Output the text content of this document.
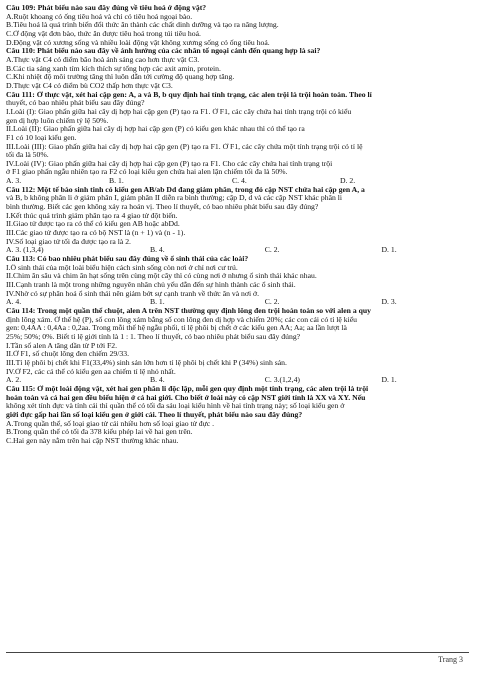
Câu 109: Phát biểu nào sau đây đúng về tiêu hoá ở động vật?
A.Ruột khoang có ống tiêu hoá và chỉ có tiêu hoá ngoại bào.
B.Tiêu hoá là quá trình biến đổi thức ăn thành các chất dinh dưỡng và tạo ra năng lượng.
C.Ở động vật đơn bào, thức ăn được tiêu hoá trong túi tiêu hoá.
D.Động vật có xương sống và nhiều loài động vật không xương sống có ống tiêu hoá.
Câu 110: Phát biểu nào sau đây về ảnh hưởng của các nhân tố ngoại cảnh đến quang hợp là sai?
A.Thực vật C4 có điểm bão hoà ánh sáng cao hơn thực vật C3.
B.Các tia sáng xanh tím kích thích sự tổng hợp các axit amin, protein.
C.Khi nhiệt độ môi trường tăng thì luôn dẫn tới cường độ quang hợp tăng.
D.Thực vật C4 có điểm bù CO2 thấp hơn thực vật C3.
Câu 111: Ở thực vật, xét hai cặp gen: A, a và B, b quy định hai tính trạng, các alen trội là trội hoàn toàn. Theo lí
thuyết, có bao nhiêu phát biểu sau đây đúng?
I.Loài (I): Giao phấn giữa hai cây dị hợp hai cặp gen (P) tạo ra F1. Ở F1, các cây chứa hai tính trạng trội có kiểu
gen dị hợp luôn chiếm tỷ lệ 50%.
II.Loài (II): Giao phấn giữa hai cây dị hợp hai cặp gen (P) có kiểu gen khác nhau thì có thể tạo ra
F1 có 10 loại kiểu gen.
III.Loài (III): Giao phấn giữa hai cây dị hợp hai cặp gen (P) tạo ra F1. Ở F1, các cây chứa một tính trạng trội có tỉ lệ
tối đa là 50%.
IV.Loài (IV): Giao phấn giữa hai cây dị hợp hai cặp gen (P) tạo ra F1. Cho các cây chứa hai tính trạng trội
ở F1 giao phấn ngẫu nhiên tạo ra F2 có loại kiểu gen chứa hai alen lặn chiếm tối đa là 50%.
A. 3.	B. 1.	C. 4.	D. 2.
Câu 112: Một tế bào sinh tinh có kiểu gen AB/ab Dd đang giảm phân, trong đó cặp NST chứa hai cặp gen A, a
và B, b không phân li ở giảm phân I, giảm phân II diễn ra bình thường; cặp D, d và các cặp NST khác phân li
bình thường. Biết các gen không xảy ra hoán vị. Theo lí thuyết, có bao nhiêu phát biểu sau đây đúng?
I.Kết thúc quá trình giảm phân tạo ra 4 giao tử đột biến.
II.Giao tử được tạo ra có thể có kiểu gen AB hoặc abDd.
III.Các giao tử được tạo ra có bộ NST là (n + 1) và (n - 1).
IV.Số loại giao tử tối đa được tạo ra là 2.
A. 3. (1,3,4)	B. 4.	C. 2.	D. 1.
Câu 113: Có bao nhiêu phát biểu sau đây đúng về ổ sinh thái của các loài?
I.Ổ sinh thái của một loài biểu hiện cách sinh sống còn nơi ở chỉ nơi cư trú.
II.Chim ăn sâu và chim ăn hạt sống trên cùng một cây thì có cùng nơi ở nhưng ổ sinh thái khác nhau.
III.Cạnh tranh là một trong những nguyên nhân chủ yếu dẫn đến sự hình thành các ổ sinh thái.
IV.Nhờ có sự phân hoá ổ sinh thái nên giảm bớt sự cạnh tranh về thức ăn và nơi ở.
A. 4.	B. 1.	C. 2.	D. 3.
Câu 114: Trong một quần thể chuột, alen A trên NST thường quy định lông đen trội hoàn toàn so với alen a quy
định lông xám. Ở thế hệ (P), số con lông xám bằng số con lông đen dị hợp và chiếm 20%; các con cái có tỉ lệ kiểu
gen: 0,4AA : 0,4Aa : 0,2aa. Trong mỗi thế hệ ngẫu phối, tỉ lệ phôi bị chết ở các kiểu gen AA; Aa; aa lần lượt là
25%; 50%; 0%. Biết tỉ lệ giới tính là 1 : 1. Theo lí thuyết, có bao nhiêu phát biểu sau đây đúng?
I.Tần số alen A tăng dần từ P tới F2.
II.Ở F1, số chuột lông đen chiếm 29/33.
III.Tỉ lệ phôi bị chết khi F1(33,4%) sinh sản lớn hơn tỉ lệ phôi bị chết khi P (34%) sinh sản.
IV.Ở F2, các cá thể có kiểu gen aa chiếm tỉ lệ nhỏ nhất.
A. 2.	B. 4.	C. 3.(1,2,4)	D. 1.
Câu 115: Ở một loài động vật, xét hai gen phân li độc lập, mỗi gen quy định một tính trạng, các alen trội là trội
hoàn toàn và cả hai gen đều biểu hiện ở cả hai giới. Cho biết ở loài này có cặp NST giới tính là XX và XY. Nếu
không xét tính đực và tính cái thì quần thể có tối đa sáu loại kiểu hình về hai tính trạng này; số loại kiểu gen ở
giới đực gấp hai lần số loại kiểu gen ở giới cái. Theo lí thuyết, phát biểu nào sau đây đúng?
A.Trong quần thể, số loại giao tử cái nhiều hơn số loại giao tử đực .
B.Trong quần thể có tối đa 378 kiểu phép lai về hai gen trên.
C.Hai gen này nằm trên hai cặp NST thường khác nhau.
Trang 3
